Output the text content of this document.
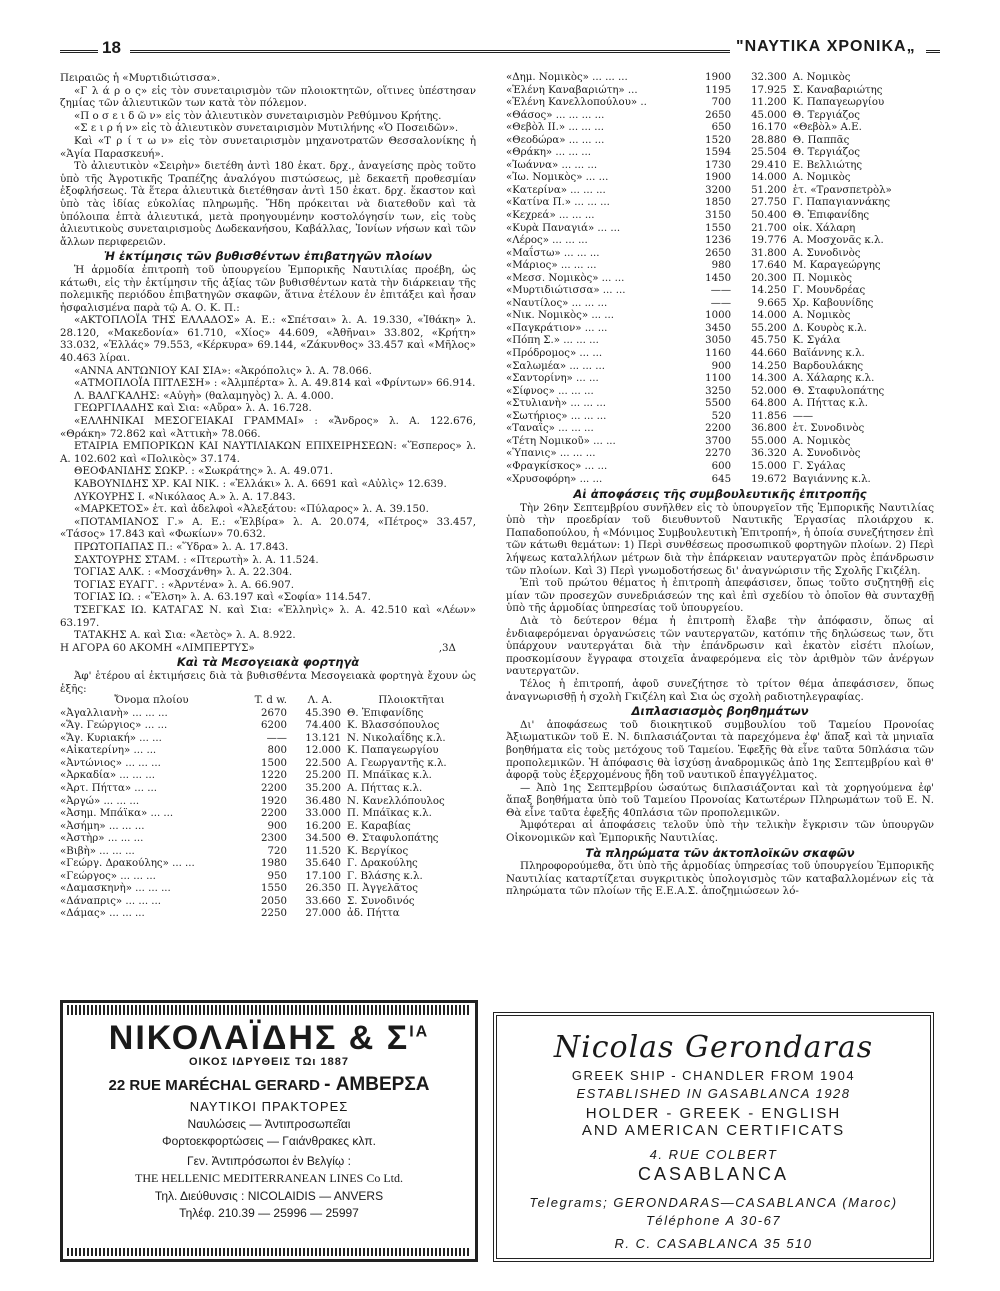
18	"ΝΑΥΤΙΚΑ ΧΡΟΝΙΚΑ„

Πειραιῶς ἡ «Μυρτιδιώτισσα».

«Γ λ ά ρ ο ς» εἰς τὸν συνεταιρισμὸν τῶν πλοιοκτητῶν, οἵτινες ὑπέστησαν ζημίας τῶν ἀλιευτικῶν των κατὰ τὸν πόλεμον.

«Π ο σ ε ι δ ῶ ν» εἰς τὸν ἀλιευτικὸν συνεταιρισμὸν Ρεθύμνου Κρήτης.

«Σ ε ι ρ ή ν» εἰς τὸ ἀλιευτικὸν συνεταιρισμὸν Μυτιλήνης «Ὁ Ποσειδῶν».

Καὶ «Τ ρ ί τ ω ν» εἰς τὸν συνεταιρισμὸν μηχανοτρατῶν Θεσσαλονίκης ἡ «Ἁγία Παρασκευή».

Τὸ ἀλιευτικὸν «Σειρὴν» διετέθη ἀντὶ 180 ἑκατ. δρχ., ἀναγείσης πρὸς τοῦτο ὑπὸ τῆς Ἀγροτικῆς Τραπέζης ἀναλόγου πιστώσεως, μὲ δεκαετῆ προθεσμίαν ἐξοφλήσεως. Τὰ ἕτερα ἀλιευτικὰ διετέθησαν ἀντὶ 150 ἑκατ. δρχ. ἕκαστον καὶ ὑπὸ τὰς ἰδίας εὐκολίας πληρωμῆς. Ἤδη πρόκειται νὰ διατεθοῦν καὶ τὰ ὑπόλοιπα ἑπτὰ ἀλιευτικά, μετὰ προηγουμένην κοστολόγησίν των, εἰς τοὺς ἀλιευτικοὺς συνεταιρισμοὺς Δωδεκανήσου, Καβάλλας, Ἰονίων νήσων καὶ τῶν ἄλλων περιφερειῶν.

Ἡ ἐκτίμησις τῶν βυθισθέντων ἐπιβατηγῶν πλοίων

Ἡ ἁρμοδία ἐπιτροπὴ τοῦ ὑπουργείου Ἐμπορικῆς Ναυτιλίας προέβη, ὡς κάτωθι, εἰς τὴν ἐκτίμησιν τῆς ἀξίας τῶν βυθισθέντων κατὰ τὴν διάρκειαν τῆς πολεμικῆς περιόδου ἐπιβατηγῶν σκαφῶν, ἅτινα ἐτέλουν ἐν ἐπιτάξει καὶ ἦσαν ἠσφαλισμένα παρὰ τῷ Α. Ο. Κ. Π.:

«ΑΚΤΟΠΛΟΪΑ ΤΗΣ ΕΛΛΑΔΟΣ» Α. Ε.: «Σπέτσαι» λ. Α. 19.330, «Ἰθάκη» λ. 28.120, «Μακεδονία» 61.710, «Χίος» 44.609, «Ἀθῆναι» 33.802, «Κρήτη» 33.032, «Ἑλλάς» 79.553, «Κέρκυρα» 69.144, «Ζάκυνθος» 33.457 καὶ «Μῆλος» 40.463 λίραι.

«ΑΝΝΑ ΑΝΤΩΝΙΟΥ ΚΑΙ ΣΙΑ»: «Ἀκρόπολις» λ. Α. 78.066.

«ΑΤΜΟΠΛΟΪΑ ΠΙΤΛΕΣΗ» : «Ἀλμπέρτα» λ. Α. 49.814 καὶ «Φρίντων» 66.914.

Λ. ΒΑΛΓΚΑΛΗΣ: «Αὐγὴ» (θαλαμηγὸς) λ. Α. 4.000.

ΓΕΩΡΓΙΛΑΔΗΣ καὶ Σια: «Αὔρα» λ. Α. 16.728.

«ΕΛΛΗΝΙΚΑΙ ΜΕΣΟΓΕΙΑΚΑΙ ΓΡΑΜΜΑΙ» : «Ἄνδρος» λ. Α. 122.676, «Θράκη» 72.862 καὶ «Ἀττικὴ» 78.066.

ΕΤΑΙΡΙΑ ΕΜΠΟΡΙΚΩΝ ΚΑΙ ΝΑΥΤΙΛΙΑΚΩΝ ΕΠΙΧΕΙΡΗΣΕΩΝ: «Ἕσπερος» λ. Α. 102.602 καὶ «Πολικὸς» 37.174.

ΘΕΟΦΑΝΙΔΗΣ ΣΩΚΡ. : «Σωκράτης» λ. Α. 49.071.

ΚΑΒΟΥΝΙΔΗΣ ΧΡ. ΚΑΙ ΝΙΚ. : «Ἑλλάκι» λ. Α. 6691 καὶ «Αὐλὶς» 12.639.

ΛΥΚΟΥΡΗΣ Ι. «Νικόλαος Α.» λ. Α. 17.843.

«ΜΑΡΚΕΤΟΣ» ἐτ. καὶ ἀδελφοὶ «Ἀλεξάτου: «Πύλαρος» λ. Α. 39.150.

«ΠΟΤΑΜΙΑΝΟΣ Γ.» Α. Ε.: «Ἐλβίρα» λ. Α. 20.074, «Πέτρος» 33.457, «Τάσος» 17.843 καὶ «Φωκίων» 70.632.

ΠΡΩΤΟΠΑΠΑΣ Π.: «Ὕδρα» λ. Α. 17.843.

ΣΑΧΤΟΥΡΗΣ ΣΤΑΜ. : «Πτερωτὴ» λ. Α. 11.524.

ΤΟΓΙΑΣ ΑΛΚ. : «Μοσχάνθη» λ. Α. 22.304.

ΤΟΓΙΑΣ ΕΥΑΓΓ. : «Ἀρντένα» λ. Α. 66.907.

ΤΟΓΙΑΣ ΙΩ. : «Ἔλση» λ. Α. 63.197 καὶ «Σοφία» 114.547.

ΤΣΕΓΚΑΣ ΙΩ. ΚΑΤΑΓΑΣ Ν. καὶ Σια: «Ἑλληνὶς» λ. Α. 42.510 καὶ «Λέων» 63.197.

ΤΑΤΑΚΗΣ Α. καὶ Σια: «Ἀετὸς» λ. Α. 8.922.

Η ΑΓΟΡΑ 60 ΑΚΟΜΗ «ΛΙΜΠΕΡΤΥΣ»	,3Δ

Καὶ τὰ Μεσογειακὰ φορτηγὰ

Ἀφ' ἑτέρου αἱ ἐκτιμήσεις διὰ τὰ βυθισθέντα Μεσογειακὰ φορτηγὰ ἔχουν ὡς ἑξῆς:

Ὄνομα πλοίου	T. d w.	Λ. Α.	Πλοιοκτῆται
«Ἀγαλλιανὴ» ... ... ...	2670	45.390	Θ. Ἐπιφανίδης
«Ἅγ. Γεώργιος» ... ...	6200	74.400	Κ. Βλασσόπουλος
«Ἅγ. Κυριακή» ... ...	——	13.121	Ν. Νικολαΐδης κ.λ.
«Αἰκατερίνη» ... ...	800	12.000	Κ. Παπαγεωργίου
«Ἀντώνιος» ... ... ...	1500	22.500	Α. Γεωργαντῆς κ.λ.
«Ἀρκαδία» ... ... ...	1220	25.200	Π. Μπάϊκας κ.λ.
«Ἀρτ. Πήττα» ... ...	2200	35.200	Α. Πήττας κ.λ.
«Ἀργώ» ... ... ...	1920	36.480	Ν. Κανελλόπουλος
«Ἀσημ. Μπάϊκα» ... ...	2200	33.000	Π. Μπάϊκας κ.λ.
«Ἀσήμη» ... ... ...	900	16.200	Ε. Καραβίας
«Ἀστὴρ» ... ... ...	2300	34.500	Θ. Σταφυλοπάτης
«Βιβὴ» ... ... ...	720	11.520	Κ. Βεργίκος
«Γεώργ. Δρακούλης» ... ...	1980	35.640	Γ. Δρακούλης
«Γεώργος» ... ... ...	950	17.100	Γ. Βλάσης κ.λ.
«Δαμασκηνὴ» ... ... ...	1550	26.350	Π. Ἀγγελᾶτος
«Δάναπρις» ... ... ...	2050	33.660	Σ. Συνοδινός
«Δάμας» ... ... ...	2250	27.000	ἀδ. Πήττα
«Δημ. Νομικὸς» ... ... ...	1900	32.300	Α. Νομικὸς
«Ἑλένη Καναβαριώτη» ...	1195	17.925	Σ. Καναβαριώτης
«Ἑλένη Κανελλοπούλου» ..	700	11.200	Κ. Παπαγεωργίου
«Θάσος» ... ... ... ...	2650	45.000	Θ. Τεργιάζος
«Θεβὸλ ΙΙ.» ... ... ...	650	16.170	«Θεβὸλ» Α.Ε.
«Θεοδώρα» ... ... ...	1520	28.880	Θ. Παππᾶς
«Θράκη» ... ... ...	1594	25.504	Θ. Τεργιάζος
«Ἰωάννα» ... ... ...	1730	29.410	Ε. Βελλιώτης
«Ἰω. Νομικὸς» ... ...	1900	14.000	Α. Νομικὸς
«Κατερίνα» ... ... ...	3200	51.200	ἑτ. «Τρανσπετρὸλ»
«Κατίνα Π.» ... ... ...	1850	27.750	Γ. Παπαγιαννάκης
«Κεχρεά» ... ... ...	3150	50.400	Θ. Ἐπιφανίδης
«Κυρὰ Παναγιά» ... ...	1550	21.700	οἰκ. Χάλαρη
«Λέρος» ... ... ...	1236	19.776	Α. Μοσχονᾶς κ.λ.
«Μαΐστω» ... ... ...	2650	31.800	Α. Συνοδινὸς
«Μάριος» ... ... ...	980	17.640	Μ. Καραγεώργης
«Μεσσ. Νομικὸς» ... ...	1450	20.300	Π. Νομικὸς
«Μυρτιδιώτισσα» ... ...	——	14.250	Γ. Μουνδρέας
«Ναυτίλος» ... ... ...	——	9.665	Χρ. Καβουνίδης
«Νικ. Νομικὸς» ... ...	1000	14.000	Α. Νομικὸς
«Παγκράτιον» ... ...	3450	55.200	Δ. Κουρὸς κ.λ.
«Πόπη Σ.» ... ... ...	3050	45.750	Κ. Σγάλα
«Πρόδρομος» ... ...	1160	44.660	Βαϊάννης κ.λ.
«Σαλωμέα» ... ... ...	900	14.250	Βαρδουλάκης
«Σαντορίνη» ... ...	1100	14.300	Α. Χάλαρης κ.λ.
«Σίφνος» ... ... ...	3250	52.000	Θ. Σταφυλοπάτης
«Στυλιανὴ» ... ... ...	5500	64.800	Α. Πήττας κ.λ.
«Σωτήριος» ... ... ...	520	11.856	——
«Ταναΐς» ... ... ...	2200	36.800	ἑτ. Συνοδινὸς
«Τέτη Νομικοῦ» ... ...	3700	55.000	Α. Νομικὸς
«Ὑπανις» ... ... ...	2270	36.320	Α. Συνοδινὸς
«Φραγκίσκος» ... ...	600	15.000	Γ. Σγάλας
«Χρυσοφόρη» ... ...	645	19.672	Βαγιάννης κ.λ.
Αἱ ἀποφάσεις τῆς συμβουλευτικῆς ἐπιτροπῆς

Τὴν 26ην Σεπτεμβρίου συνῆλθεν εἰς τὸ ὑπουργεῖον τῆς Ἐμπορικῆς Ναυτιλίας ὑπὸ τὴν προεδρίαν τοῦ διευθυντοῦ Ναυτικῆς Ἐργασίας πλοιάρχου κ. Παπαδοπούλου, ἡ «Μόνιμος Συμβουλευτικὴ Ἐπιτροπή», ἡ ὁποία συνεζήτησεν ἐπὶ τῶν κάτωθι θεμάτων: 1) Περὶ συνθέσεως προσωπικοῦ φορτηγῶν πλοίων. 2) Περὶ λήψεως καταλλήλων μέτρων διὰ τὴν ἐπάρκειαν ναυτεργατῶν πρὸς ἐπάνδρωσιν τῶν πλοίων. Καὶ 3) Περὶ γνωμοδοτήσεως δι' ἀναγνώρισιν τῆς Σχολῆς Γκιζέλη.

Ἐπὶ τοῦ πρώτου θέματος ἡ ἐπιτροπὴ ἀπεφάσισεν, ὅπως τοῦτο συζητηθῇ εἰς μίαν τῶν προσεχῶν συνεδριάσεών της καὶ ἐπὶ σχεδίου τὸ ὁποῖον θὰ συνταχθῇ ὑπὸ τῆς ἁρμοδίας ὑπηρεσίας τοῦ ὑπουργείου.

Διὰ τὸ δεύτερον θέμα ἡ ἐπιτροπὴ ἔλαβε τὴν ἀπόφασιν, ὅπως αἱ ἐνδιαφερόμεναι ὀργανώσεις τῶν ναυτεργατῶν, κατόπιν τῆς δηλώσεως των, ὅτι ὑπάρχουν ναυτεργάται διὰ τὴν ἐπάνδρωσιν καὶ ἑκατὸν εἰσέτι πλοίων, προσκομίσουν ἔγγραφα στοιχεῖα ἀναφερόμενα εἰς τὸν ἀριθμὸν τῶν ἀνέργων ναυτεργατῶν.

Τέλος ἡ ἐπιτροπή, ἀφοῦ συνεζήτησε τὸ τρίτον θέμα ἀπεφάσισεν, ὅπως ἀναγνωρισθῇ ἡ σχολὴ Γκιζέλη καὶ Σια ὡς σχολὴ ραδιοτηλεγραφίας.

Διπλασιασμὸς βοηθημάτων

Δι' ἀποφάσεως τοῦ διοικητικοῦ συμβουλίου τοῦ Ταμείου Προνοίας Ἀξιωματικῶν τοῦ Ε. Ν. διπλασιάζονται τὰ παρεχόμενα ἐφ' ἅπαξ καὶ τὰ μηνιαῖα βοηθήματα εἰς τοὺς μετόχους τοῦ Ταμείου. Ἐφεξῆς θὰ εἶνε ταῦτα 50πλάσια τῶν προπολεμικῶν. Ἡ ἀπόφασις θὰ ἰσχύσῃ ἀναδρομικῶς ἀπὸ 1ης Σεπτεμβρίου καὶ θ' ἀφορᾷ τοὺς ἐξερχομένους ἤδη τοῦ ναυτικοῦ ἐπαγγέλματος.

— Ἀπὸ 1ης Σεπτεμβρίου ὡσαύτως διπλασιάζονται καὶ τὰ χορηγούμενα ἐφ' ἅπαξ βοηθήματα ὑπὸ τοῦ Ταμείου Προνοίας Κατωτέρων Πληρωμάτων τοῦ Ε. Ν. Θὰ εἶνε ταῦτα ἐφεξῆς 40πλάσια τῶν προπολεμικῶν.

Ἀμφότεραι αἱ ἀποφάσεις τελοῦν ὑπὸ τὴν τελικὴν ἔγκρισιν τῶν ὑπουργῶν Οἰκονομικῶν καὶ Ἐμπορικῆς Ναυτιλίας.

Τὰ πληρώματα τῶν ἀκτοπλοϊκῶν σκαφῶν

Πληροφορούμεθα, ὅτι ὑπὸ τῆς ἁρμοδίας ὑπηρεσίας τοῦ ὑπουργείου Ἐμπορικῆς Ναυτιλίας καταρτίζεται συγκριτικὸς ὑπολογισμὸς τῶν καταβαλλομένων εἰς τὰ πληρώματα τῶν πλοίων τῆς Ε.Ε.Α.Σ. ἀποζημιώσεων λό-

ΝΙΚΟΛΑΪΔΗΣ & $\Sigma^{IA}$
ΟΙΚΟΣ ΙΔΡΥΘΕΙΣ ΤΩι 1887
22 RUE MARÉCHAL GERARD - ΑΜΒΕΡΣΑ
ΝΑΥΤΙΚΟΙ ΠΡΑΚΤΟΡΕΣ
Ναυλώσεις — Ἀντιπροσωπεῖαι
Φορτοεκφορτώσεις — Γαιάνθρακες κλπ.
Γεν. Ἀντιπρόσωποι ἐν Βελγίῳ :
THE HELLENIC MEDITERRANEAN LINES Co Ltd.
Τηλ. Διεύθυνσις : NICOLAIDIS — ANVERS
Τηλέφ. 210.39 — 25996 — 25997
Nicolas Gerondaras
GREEK SHIP - CHANDLER FROM 1904
ESTABLISHED IN GASABLANCA 1928
HOLDER - GREEK - ENGLISH
AND AMERICAN CERTIFICATS
4. RUE COLBERT
CASABLANCA
Telegrams; GERONDARAS—CASABLANCA (Maroc)
Téléphone A 30-67
R. C. CASABLANCA 35 510
